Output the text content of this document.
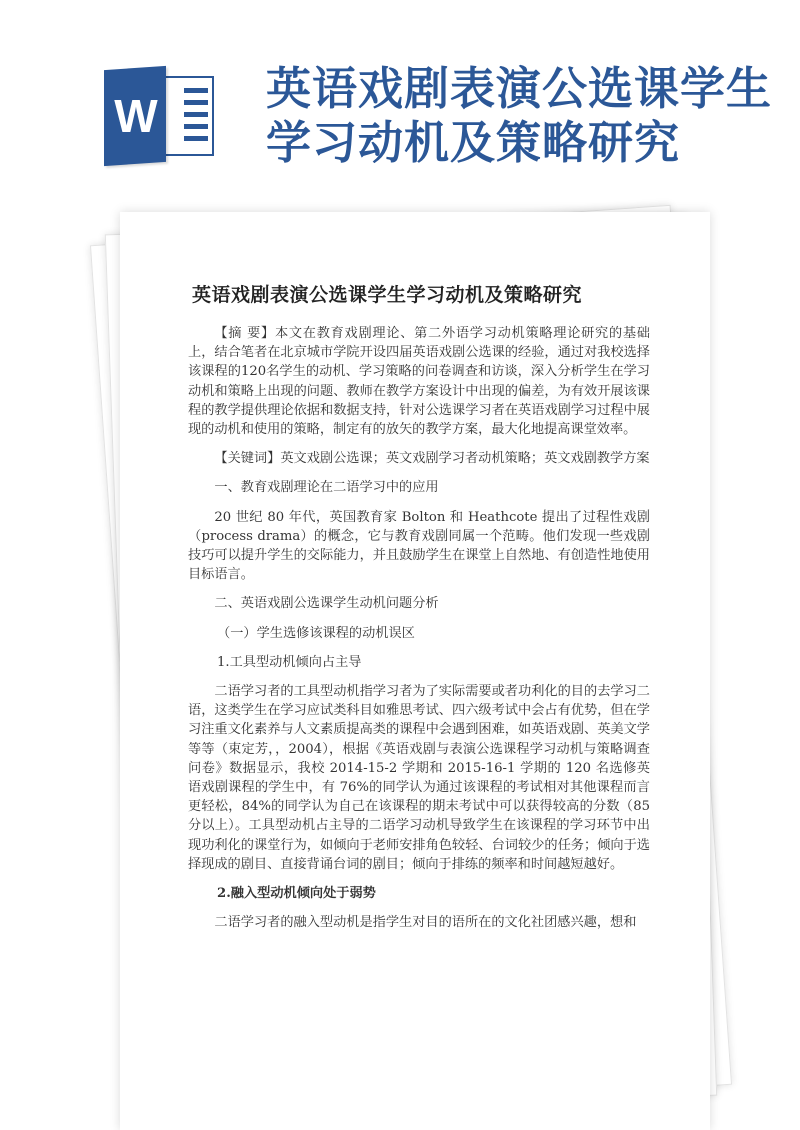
W
英语戏剧表演公选课学生学习动机及策略研究
英语戏剧表演公选课学生学习动机及策略研究

【摘 要】本文在教育戏剧理论、第二外语学习动机策略理论研究的基础上，结合笔者在北京城市学院开设四届英语戏剧公选课的经验，通过对我校选择该课程的120名学生的动机、学习策略的问卷调查和访谈，深入分析学生在学习动机和策略上出现的问题、教师在教学方案设计中出现的偏差，为有效开展该课程的教学提供理论依据和数据支持，针对公选课学习者在英语戏剧学习过程中展现的动机和使用的策略，制定有的放矢的教学方案，最大化地提高课堂效率。

【关键词】英文戏剧公选课；英文戏剧学习者动机策略；英文戏剧教学方案

一、教育戏剧理论在二语学习中的应用

20 世纪 80 年代，英国教育家 Bolton 和 Heathcote 提出了过程性戏剧（process drama）的概念，它与教育戏剧同属一个范畴。他们发现一些戏剧技巧可以提升学生的交际能力，并且鼓励学生在课堂上自然地、有创造性地使用目标语言。

二、英语戏剧公选课学生动机问题分析

（一）学生选修该课程的动机误区

1.工具型动机倾向占主导

二语学习者的工具型动机指学习者为了实际需要或者功利化的目的去学习二语，这类学生在学习应试类科目如雅思考试、四六级考试中会占有优势，但在学习注重文化素养与人文素质提高类的课程中会遇到困难，如英语戏剧、英美文学等等（束定芳，，2004），根据《英语戏剧与表演公选课程学习动机与策略调查问卷》数据显示，我校 2014-15-2 学期和 2015-16-1 学期的 120 名选修英语戏剧课程的学生中，有 76%的同学认为通过该课程的考试相对其他课程而言更轻松，84%的同学认为自己在该课程的期末考试中可以获得较高的分数（85 分以上）。工具型动机占主导的二语学习动机导致学生在该课程的学习环节中出现功利化的课堂行为，如倾向于老师安排角色较轻、台词较少的任务；倾向于选择现成的剧目、直接背诵台词的剧目；倾向于排练的频率和时间越短越好。

2.融入型动机倾向处于弱势

二语学习者的融入型动机是指学生对目的语所在的文化社团感兴趣，想和
